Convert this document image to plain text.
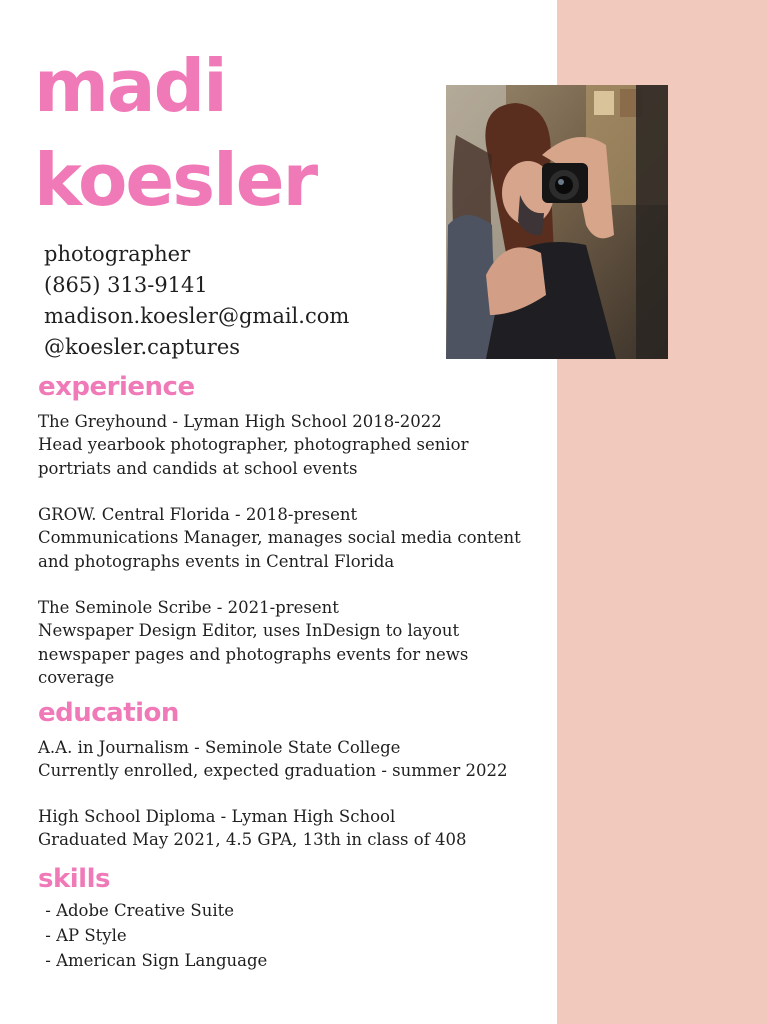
madi
koesler
photographer
(865) 313-9141
madison.koesler@gmail.com
@koesler.captures
experience

The Greyhound - Lyman High School 2018-2022

Head yearbook photographer, photographed senior portriats and candids at school events

GROW. Central Florida - 2018-present

Communications Manager, manages social media content and photographs events in Central Florida

The Seminole Scribe - 2021-present

Newspaper Design Editor, uses InDesign to layout newspaper pages and photographs events for news coverage

education

A.A. in Journalism - Seminole State College

Currently enrolled, expected graduation - summer 2022

High School Diploma - Lyman High School

Graduated May 2021, 4.5 GPA, 13th in class of 408

skills
- Adobe Creative Suite
- AP Style
- American Sign Language
